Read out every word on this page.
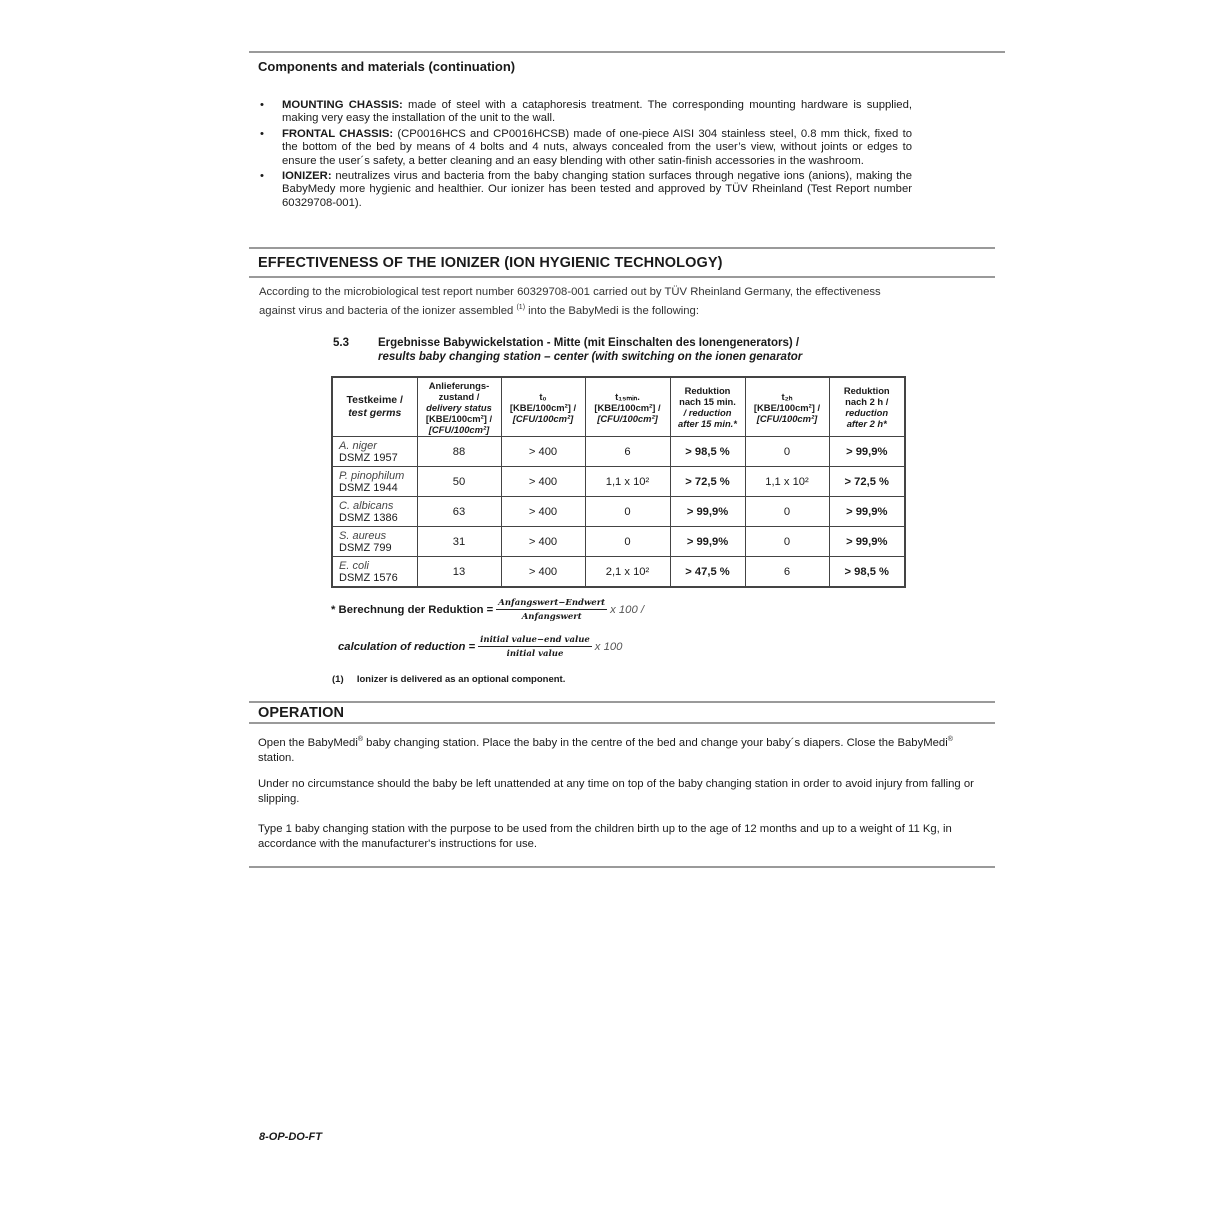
Components and materials (continuation)
• MOUNTING CHASSIS: made of steel with a cataphoresis treatment. The corresponding mounting hardware is supplied, making very easy the installation of the unit to the wall.
• FRONTAL CHASSIS: (CP0016HCS and CP0016HCSB) made of one-piece AISI 304 stainless steel, 0.8 mm thick, fixed to the bottom of the bed by means of 4 bolts and 4 nuts, always concealed from the user’s view, without joints or edges to ensure the user´s safety, a better cleaning and an easy blending with other satin-finish accessories in the washroom.
• IONIZER: neutralizes virus and bacteria from the baby changing station surfaces through negative ions (anions), making the BabyMedy more hygienic and healthier. Our ionizer has been tested and approved by TÜV Rheinland (Test Report number 60329708-001).
EFFECTIVENESS OF THE IONIZER (ION HYGIENIC TECHNOLOGY)
According to the microbiological test report number 60329708-001 carried out by TÜV Rheinland Germany, the effectiveness
against virus and bacteria of the ionizer assembled $^{(1)}$ into the BabyMedi is the following:
5.3	Ergebnisse Babywickelstation - Mitte (mit Einschalten des Ionengenerators) /
results baby changing station – center (with switching on the ionen genarator
Testkeime /
test germs	Anlieferungs-
zustand /
delivery status
[KBE/100cm²] /
[CFU/100cm²]	t₀
[KBE/100cm²] /
[CFU/100cm²]	t₁₅ₘᵢₙ.
[KBE/100cm²] /
[CFU/100cm²]	Reduktion
nach 15 min.
/ reduction
after 15 min.*	t₂ₕ
[KBE/100cm²] /
[CFU/100cm²]	Reduktion
nach 2 h /
reduction
after 2 h*

A. niger
DSMZ 1957	88	> 400	6	> 98,5 %	0	> 99,9%

P. pinophilum
DSMZ 1944	50	> 400	1,1 x 10²	> 72,5 %	1,1 x 10²	> 72,5 %

C. albicans
DSMZ 1386	63	> 400	0	> 99,9%	0	> 99,9%

S. aureus
DSMZ 799	31	> 400	0	> 99,9%	0	> 99,9%

E. coli
DSMZ 1576	13	> 400	2,1 x 10²	> 47,5 %	6	> 98,5 %
* Berechnung der Reduktion = $\frac{\text{Anfangswert−Endwert}}{\text{Anfangswert}}$ x 100 /
calculation of reduction = $\frac{\text{initial value−end value}}{\text{initial value}}$ x 100
(1) Ionizer is delivered as an optional component.
OPERATION
Open the BabyMedi® baby changing station. Place the baby in the centre of the bed and change your baby´s diapers. Close the BabyMedi® station.
Under no circumstance should the baby be left unattended at any time on top of the baby changing station in order to avoid injury from falling or slipping.
Type 1 baby changing station with the purpose to be used from the children birth up to the age of 12 months and up to a weight of 11 Kg, in accordance with the manufacturer's instructions for use.
8-OP-DO-FT
